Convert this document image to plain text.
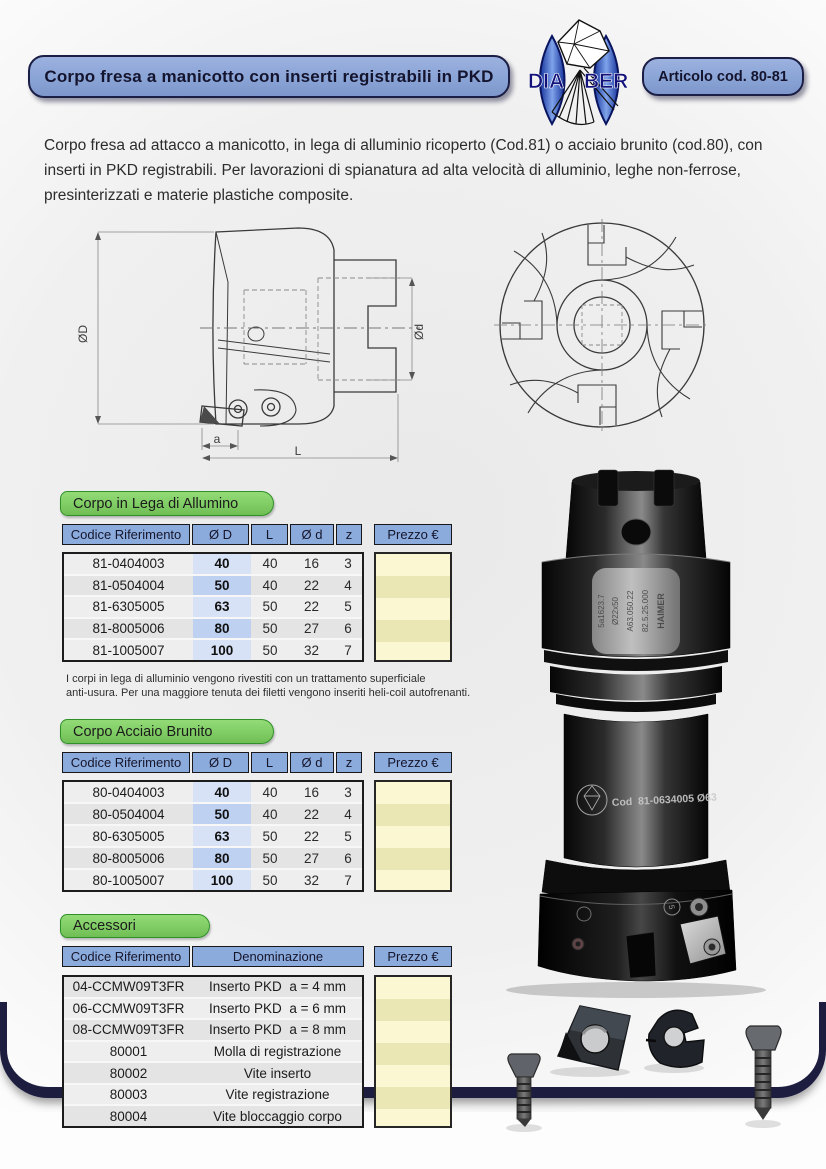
Corpo fresa a manicotto con inserti registrabili in PKD DIA BER Articolo cod. 80-81
Corpo fresa ad attacco a manicotto, in lega di alluminio ricoperto (Cod.81) o acciaio brunito (cod.80), con inserti in PKD registrabili. Per lavorazioni di spianatura ad alta velocità di alluminio, leghe non-ferrose, presinterizzati e materie plastiche composite.
ØD	Ød
a
L
Corpo in Lega di Allumino
Codice Riferimento	Ø D	L	Ø d	z	Prezzo €
81-0404003	40	40	16	3
81-0504004	50	40	22	4
81-6305005	63	50	22	5
81-8005006	80	50	27	6
81-1005007	100	50	32	7
I corpi in lega di alluminio vengono rivestiti con un trattamento superficiale
anti-usura. Per una maggiore tenuta dei filetti vengono inseriti heli-coil autofrenanti.
Corpo Acciaio Brunito
Codice Riferimento	Ø D	L	Ø d	z	Prezzo €
80-0404003	40	40	16	3
80-0504004	50	40	22	4
80-6305005	63	50	22	5
80-8005006	80	50	27	6
80-1005007	100	50	32	7
Accessori
Codice Riferimento	Denominazione	Prezzo €
04-CCMW09T3FR	Inserto PKD  a = 4 mm
06-CCMW09T3FR	Inserto PKD  a = 6 mm
08-CCMW09T3FR	Inserto PKD  a = 8 mm
80001	Molla di registrazione
80002	Vite inserto
80003	Vite registrazione
80004	Vite bloccaggio corpo
5a1623.7 Ø22x50 A63.050.22 82.5.25.000 HAIMER
Cod  81-0634005 Ø63
5
